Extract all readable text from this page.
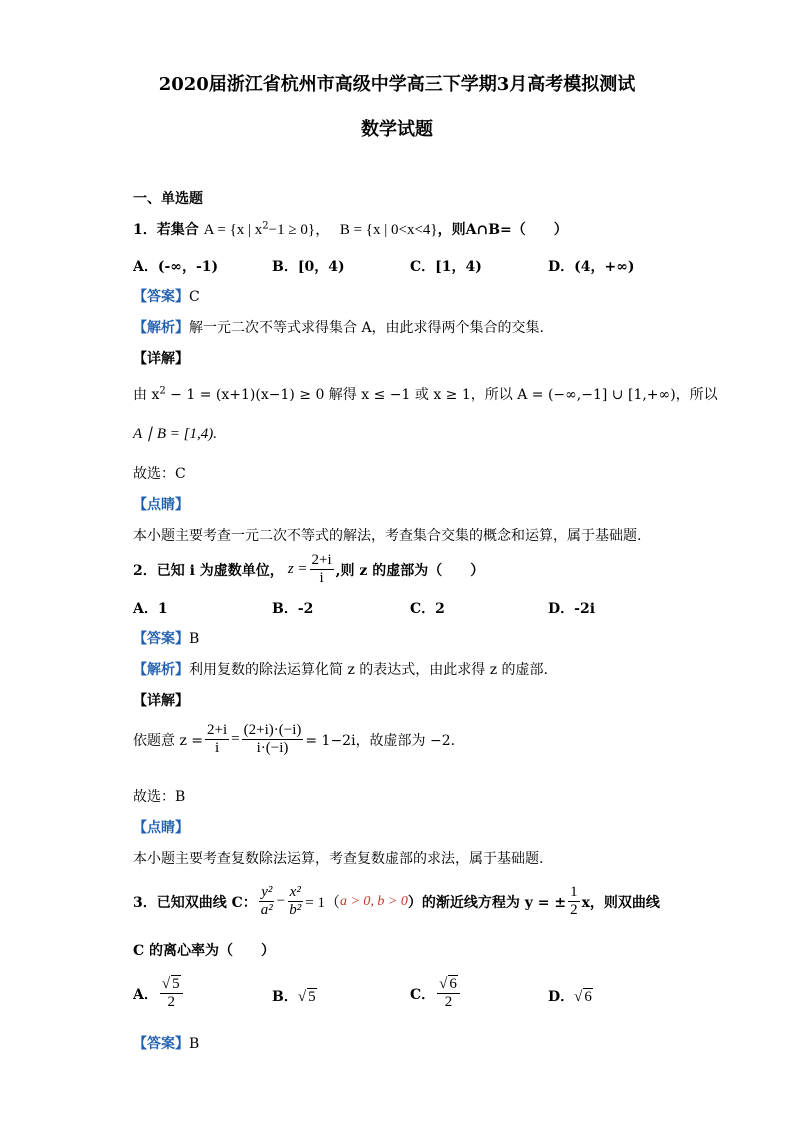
2020届浙江省杭州市高级中学高三下学期3月高考模拟测试
数学试题
一、单选题
1．若集合 A = {x | $x^2-1 \ge 0$}， B = {x | 0<x<4}，则A∩B=（　　）
A．(-∞，-1)	B．[0，4)	C．[1，4)	D．(4，+∞)
【答案】C
【解析】解一元二次不等式求得集合 A，由此求得两个集合的交集.
【详解】
由 $x^2 - 1 = (x+1)(x-1) \ge 0$ 解得 x ≤ −1 或 x ≥ 1，所以 A = (−∞,−1] ∪ [1,+∞)，所以
A ∣ B = [1,4).
故选：C
【点睛】
本小题主要考查一元二次不等式的解法，考查集合交集的概念和运算，属于基础题.
2．已知 i 为虚数单位， $z = \frac{2+i}{i}$ ,则 z 的虚部为（　　）
A．1	B．-2	C．2	D．-2i
【答案】B
【解析】利用复数的除法运算化简 z 的表达式，由此求得 z 的虚部.
【详解】
依题意 $z = \frac{2+i}{i} = \frac{(2+i)\cdot(-i)}{i\cdot(-i)} = 1-2i$，故虚部为 −2.
故选：B
【点睛】
本小题主要考查复数除法运算，考查复数虚部的求法，属于基础题.
3．已知双曲线 C： $\frac{\text{y²}}{\text{a²}} - \frac{\text{x²}}{\text{b²}} = 1$（ a > 0, b > 0 ）的渐近线方程为 y = ± $\frac{1}{2}$ x，则双曲线
C 的离心率为（　　）
A． $\frac{√ 5}{2}$	B．√ 5	C． $\frac{√ 6}{2}$	D．√ 6
【答案】B
